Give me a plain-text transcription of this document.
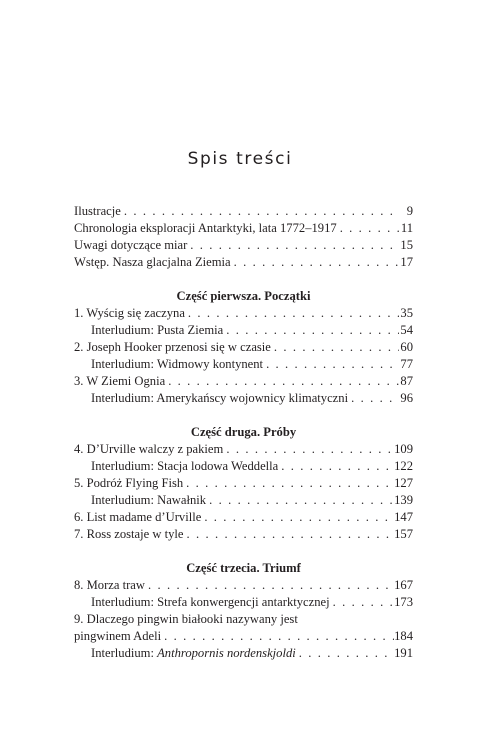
Spis treści
Ilustracje . . .	9
Chronologia eksploracji Antarktyki, lata 1772–1917 . . .	11
Uwagi dotyczące miar . . .	15
Wstęp. Nasza glacjalna Ziemia . . .	17
Część pierwsza. Początki
1. Wyścig się zaczyna . . .	35
Interludium: Pusta Ziemia . . .	54
2. Joseph Hooker przenosi się w czasie . . .	60
Interludium: Widmowy kontynent . . .	77
3. W Ziemi Ognia . . .	87
Interludium: Amerykańscy wojownicy klimatyczni . . .	96
Część druga. Próby
4. D’Urville walczy z pakiem . . .	109
Interludium: Stacja lodowa Weddella . . .	122
5. Podróż Flying Fish . . .	127
Interludium: Nawałnik . . .	139
6. List madame d’Urville . . .	147
7. Ross zostaje w tyle . . .	157
Część trzecia. Triumf
8. Morza traw . . .	167
Interludium: Strefa konwergencji antarktycznej . . .	173
9. Dlaczego pingwin białooki nazywany jest
pingwinem Adeli . . .	184
Interludium: Anthropornis nordenskjoldi . . .	191
